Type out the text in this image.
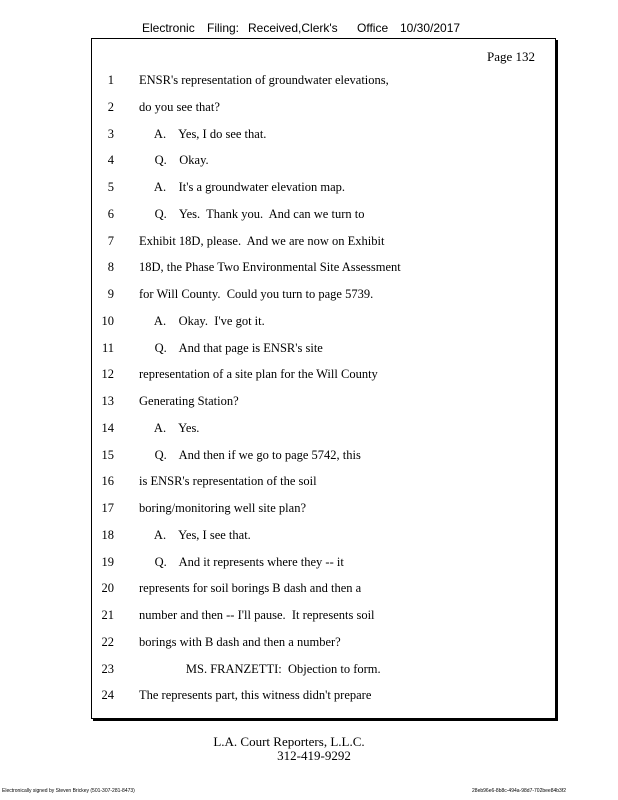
Electronic Filing: Received,Clerk's Office 10/30/2017
Page 132
1 ENSR's representation of groundwater elevations,
2 do you see that?
3 A.    Yes, I do see that.
4 Q.    Okay.
5 A.    It's a groundwater elevation map.
6 Q.    Yes.  Thank you.  And can we turn to
7 Exhibit 18D, please.  And we are now on Exhibit
8 18D, the Phase Two Environmental Site Assessment
9 for Will County.  Could you turn to page 5739.
10 A.    Okay.  I've got it.
11 Q.    And that page is ENSR's site
12 representation of a site plan for the Will County
13 Generating Station?
14 A.    Yes.
15 Q.    And then if we go to page 5742, this
16 is ENSR's representation of the soil
17 boring/monitoring well site plan?
18 A.    Yes, I see that.
19 Q.    And it represents where they -- it
20 represents for soil borings B dash and then a
21 number and then -- I'll pause.  It represents soil
22 borings with B dash and then a number?
23 MS. FRANZETTI:  Objection to form.
24 The represents part, this witness didn't prepare
L.A. Court Reporters, L.L.C.
312-419-9292
Electronically signed by Steven Brickey (501-307-281-8473)	28eb96e6-8b8c-494a-98d7-702bee84b3f2
